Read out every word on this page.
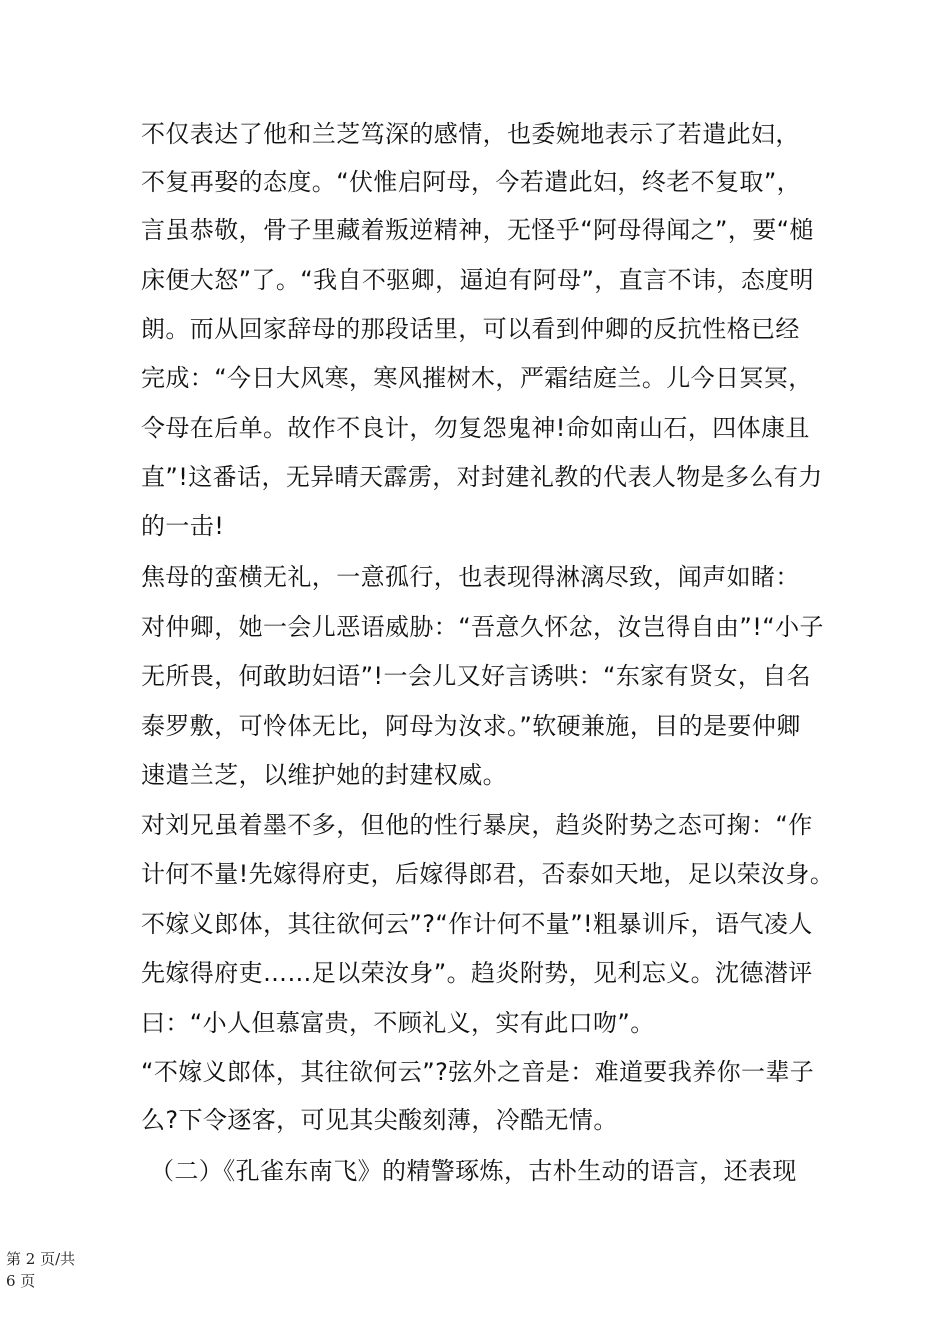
不仅表达了他和兰芝笃深的感情，也委婉地表示了若遣此妇，
不复再娶的态度。“伏惟启阿母，今若遣此妇，终老不复取”，
言虽恭敬，骨子里藏着叛逆精神，无怪乎“阿母得闻之”，要“槌
床便大怒”了。“我自不驱卿，逼迫有阿母”，直言不讳，态度明
朗。而从回家辞母的那段话里，可以看到仲卿的反抗性格已经
完成：“今日大风寒，寒风摧树木，严霜结庭兰。儿今日冥冥，
令母在后单。故作不良计，勿复怨鬼神!命如南山石，四体康且
直”!这番话，无异晴天霹雳，对封建礼教的代表人物是多么有力
的一击!
焦母的蛮横无礼，一意孤行，也表现得淋漓尽致，闻声如睹：
对仲卿，她一会儿恶语威胁：“吾意久怀忿，汝岂得自由”!“小子
无所畏，何敢助妇语”!一会儿又好言诱哄：“东家有贤女，自名
泰罗敷，可怜体无比，阿母为汝求。”软硬兼施，目的是要仲卿
速遣兰芝，以维护她的封建权威。
对刘兄虽着墨不多，但他的性行暴戾，趋炎附势之态可掬：“作
计何不量!先嫁得府吏，后嫁得郎君，否泰如天地，足以荣汝身。
不嫁义郎体，其往欲何云”?“作计何不量”!粗暴训斥，语气凌人
先嫁得府吏……足以荣汝身”。趋炎附势，见利忘义。沈德潜评
曰：“小人但慕富贵，不顾礼义，实有此口吻”。
“不嫁义郎体，其往欲何云”?弦外之音是：难道要我养你一辈子
么?下令逐客，可见其尖酸刻薄，冷酷无情。
（二）《孔雀东南飞》的精警琢炼，古朴生动的语言，还表现
第 2 页/共
6 页
